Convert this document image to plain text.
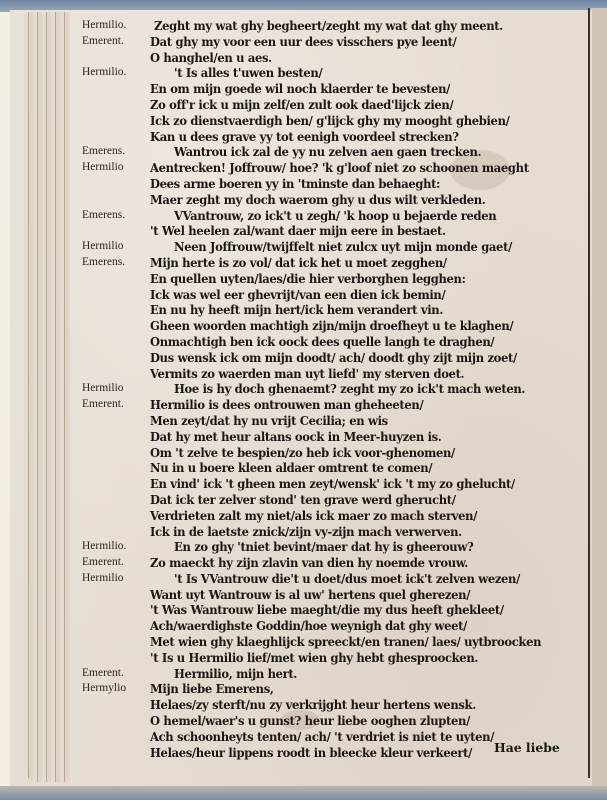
Hermilio. Zeght my wat ghy begheert/zeght my wat dat ghy meent.
Emerent. Dat ghy my voor een uur dees visschers pye leent/
O hanghel/en u aes.
Hermilio.	't Is alles t'uwen besten/
En om mijn goede wil noch klaerder te bevesten/
Zo off'r ick u mijn zelf/en zult ook daed'lijck zien/
Ick zo dienstvaerdigh ben/ g'lijck ghy my mooght ghebien/
Kan u dees grave yy tot eenigh voordeel strecken?
Emerens.	Wantrou ick zal de yy nu zelven aen gaen trecken.
Hermilio Aentrecken! Joffrouw/ hoe? 'k g'loof niet zo schoonen maeght
Dees arme boeren yy in 'tminste dan behaeght:
Maer zeght my doch waerom ghy u dus wilt verkleden.
Emerens.	VVantrouw, zo ick't u zegh/ 'k hoop u bejaerde reden
't Wel heelen zal/want daer mijn eere in bestaet.
Hermilio	Neen Joffrouw/twijffelt niet zulcx uyt mijn monde gaet/
Emerens. Mijn herte is zo vol/ dat ick het u moet zegghen/
En quellen uyten/laes/die hier verborghen legghen:
Ick was wel eer ghevrijt/van een dien ick bemin/
En nu hy heeft mijn hert/ick hem verandert vin.
Gheen woorden machtigh zijn/mijn droefheyt u te klaghen/
Onmachtigh ben ick oock dees quelle langh te draghen/
Dus wensk ick om mijn doodt/ ach/ doodt ghy zijt mijn zoet/
Vermits zo waerden man uyt liefd' my sterven doet.
Hermilio	Hoe is hy doch ghenaemt? zeght my zo ick't mach weten.
Emerent. Hermilio is dees ontrouwen man gheheeten/
Men zeyt/dat hy nu vrijt Cecilia; en wis
Dat hy met heur altans oock in Meer-huyzen is.
Om 't zelve te bespien/zo heb ick voor-ghenomen/
Nu in u boere kleen aldaer omtrent te comen/
En vind' ick 't gheen men zeyt/wensk' ick 't my zo ghelucht/
Dat ick ter zelver stond' ten grave werd gherucht/
Verdrieten zalt my niet/als ick maer zo mach sterven/
Ick in de laetste znick/zijn vy-zijn mach verwerven.
Hermilio.	En zo ghy 'tniet bevint/maer dat hy is gheerouw?
Emerent. Zo maeckt hy zijn zlavin van dien hy noemde vrouw.
Hermilio	't Is VVantrouw die't u doet/dus moet ick't zelven wezen/
Want uyt Wantrouw is al uw' hertens quel gherezen/
't Was Wantrouw liebe maeght/die my dus heeft ghekleet/
Ach/waerdighste Goddin/hoe weynigh dat ghy weet/
Met wien ghy klaeghlijck spreeckt/en tranen/ laes/ uytbroocken
't Is u Hermilio lief/met wien ghy hebt ghesproocken.
Emerent.	Hermilio, mijn hert.
Hermylio Mijn liebe Emerens,
Helaes/zy sterft/nu zy verkrijght heur hertens wensk.
O hemel/waer's u gunst? heur liebe ooghen zlupten/
Ach schoonheyts tenten/ ach/ 't verdriet is niet te uyten/
Helaes/heur lippens roodt in bleecke kleur verkeert/ Hae liebe
